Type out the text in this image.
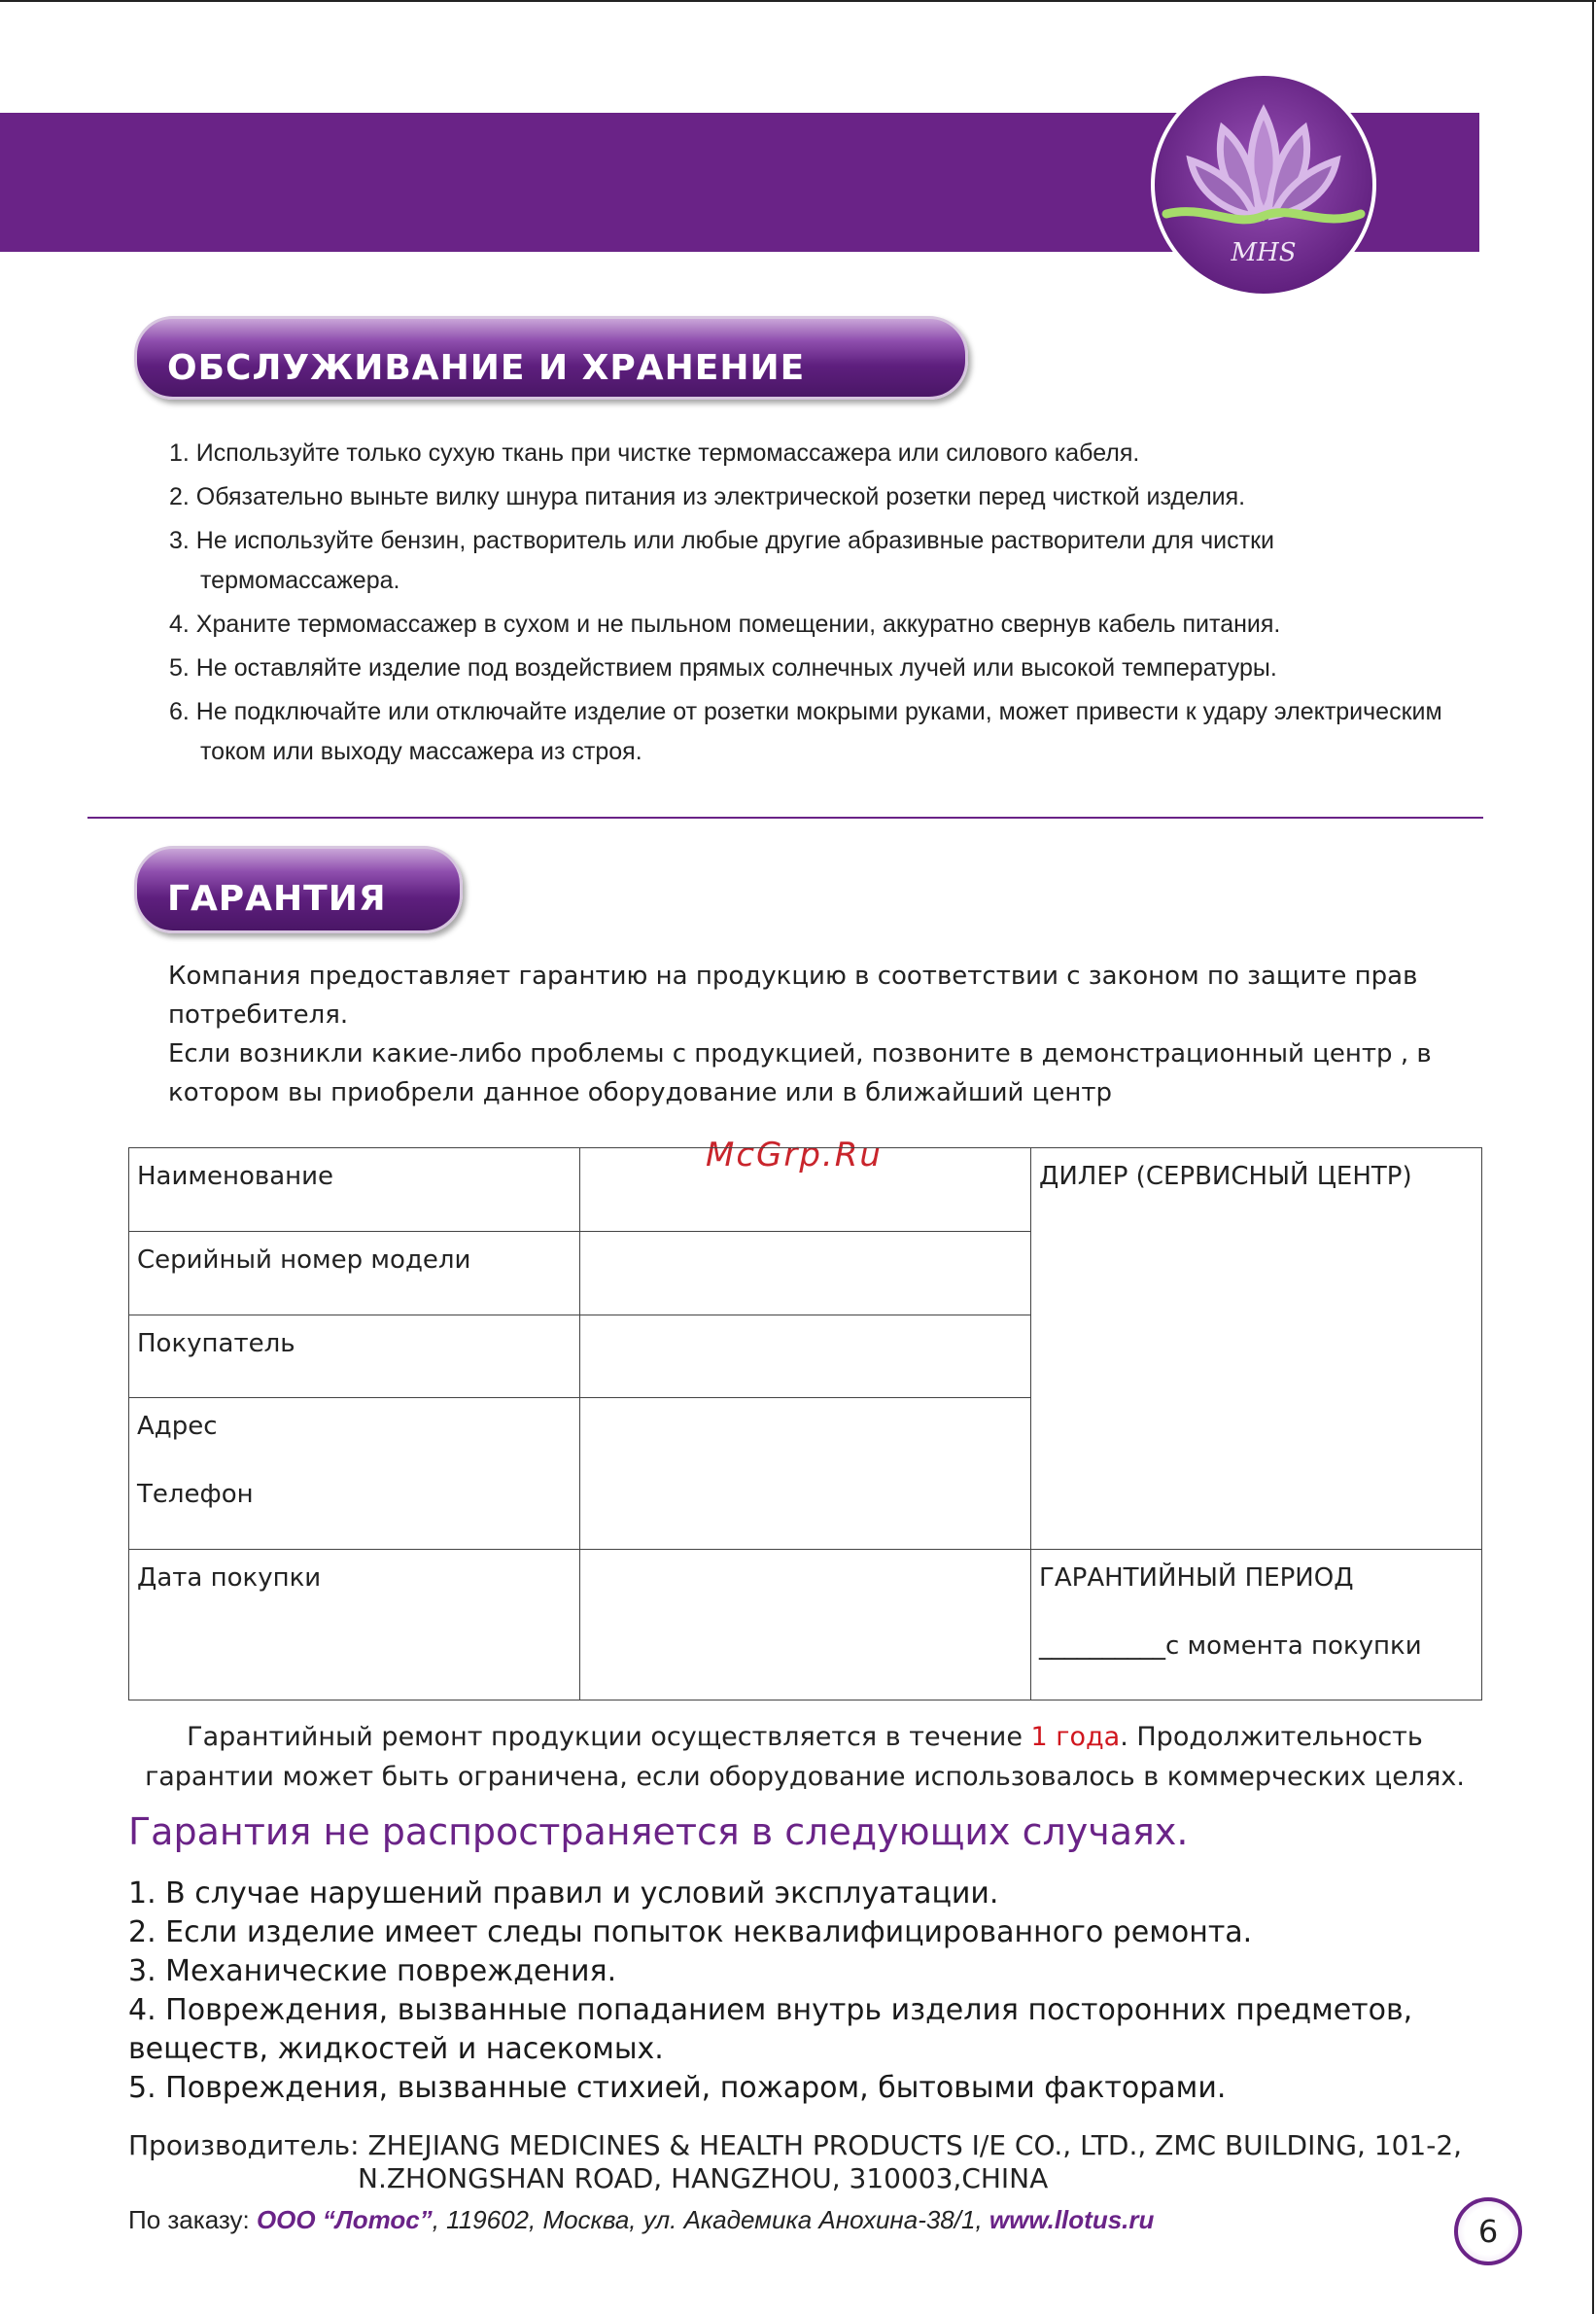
MHS
ОБСЛУЖИВАНИЕ И ХРАНЕНИЕ
1. Используйте только сухую ткань при чистке термомассажера или силового кабеля.
2. Обязательно выньте вилку шнура питания из электрической розетки перед чисткой изделия.
3. Не используйте бензин, растворитель или любые другие абразивные растворители для чистки термомассажера.
4. Храните термомассажер в сухом и не пыльном помещении, аккуратно свернув кабель питания.
5. Не оставляйте изделие под воздействием прямых солнечных лучей или высокой температуры.
6. Не подключайте или отключайте изделие от розетки мокрыми руками, может привести к удару электрическим током или выходу массажера из строя.
ГАРАНТИЯ
Компания предоставляет гарантию на продукцию в соответствии с законом по защите прав потребителя.
Если возникли какие-либо проблемы с продукцией, позвоните в демонстрационный центр , в котором вы приобрели данное оборудование или в ближайший центр
McGrp.Ru
Наименование		ДИЛЕР (СЕРВИСНЫЙ ЦЕНТР)
Серийный номер модели		
Покупатель		

Адрес
Телефон		

Дата покупки		ГАРАНТИЙНЫЙ ПЕРИОД
__________с момента покупки
Гарантийный ремонт продукции осуществляется в течение 1 года. Продолжительность гарантии может быть ограничена, если оборудование использовалось в коммерческих целях.
Гарантия не распространяется в следующих случаях.
1. В случае нарушений правил и условий эксплуатации.
2. Если изделие имеет следы попыток неквалифицированного ремонта.
3. Механические повреждения.
4. Повреждения, вызванные попаданием внутрь изделия посторонних предметов, веществ, жидкостей и насекомых.
5. Повреждения, вызванные стихией, пожаром, бытовыми факторами.
Производитель: ZHEJIANG MEDICINES & HEALTH PRODUCTS I/E CO., LTD., ZMC BUILDING, 101-2,
N.ZHONGSHAN ROAD, HANGZHOU, 310003,CHINA
По заказу: ООО “Лотос”, 119602, Москва, ул. Академика Анохина-38/1, www.llotus.ru	6
